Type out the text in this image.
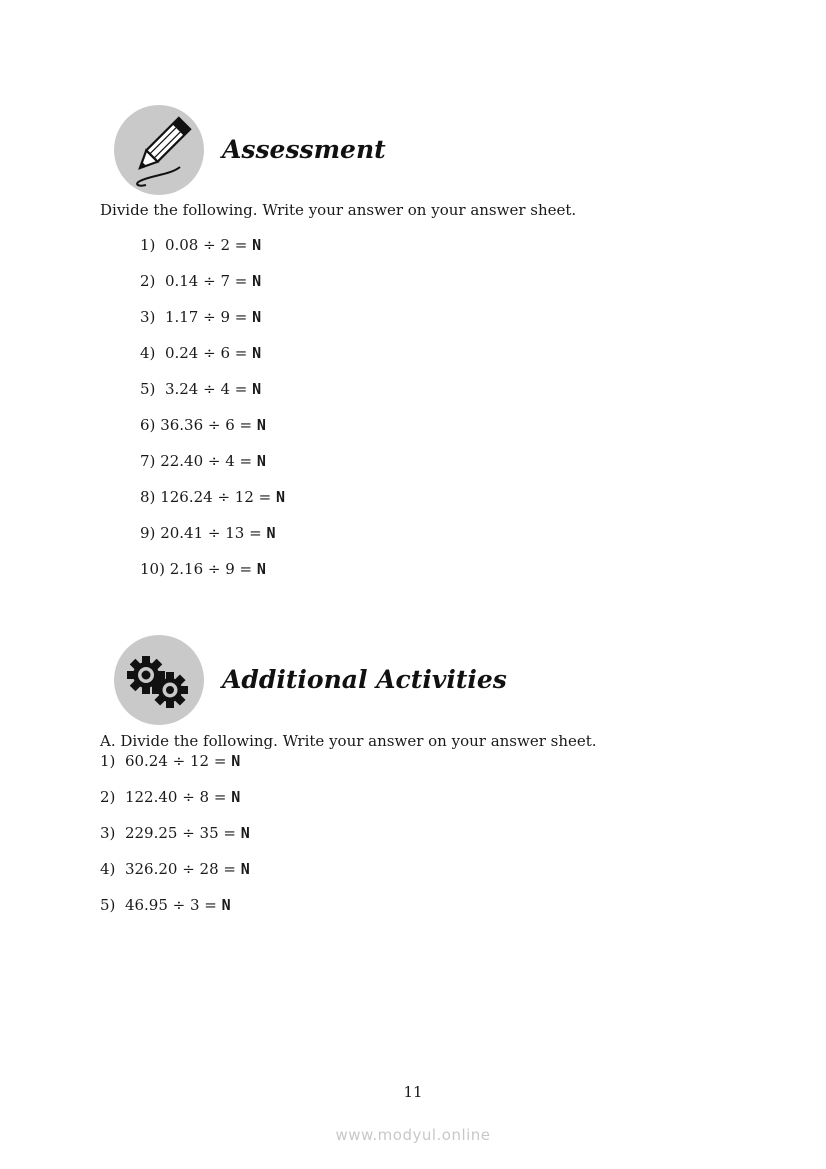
Assessment
Divide the following. Write your answer on your answer sheet.
1) 0.08 ÷ 2 = N
2) 0.14 ÷ 7 = N
3) 1.17 ÷ 9 = N
4) 0.24 ÷ 6 = N
5) 3.24 ÷ 4 = N
6) 36.36 ÷ 6 = N
7) 22.40 ÷ 4 = N
8) 126.24 ÷ 12 = N
9) 20.41 ÷ 13 = N
10) 2.16 ÷ 9 = N
Additional Activities
A. Divide the following. Write your answer on your answer sheet.
1) 60.24 ÷ 12 = N
2) 122.40 ÷ 8 = N
3) 229.25 ÷ 35 = N
4) 326.20 ÷ 28 = N
5) 46.95 ÷ 3 = N
11
www.modyul.online
